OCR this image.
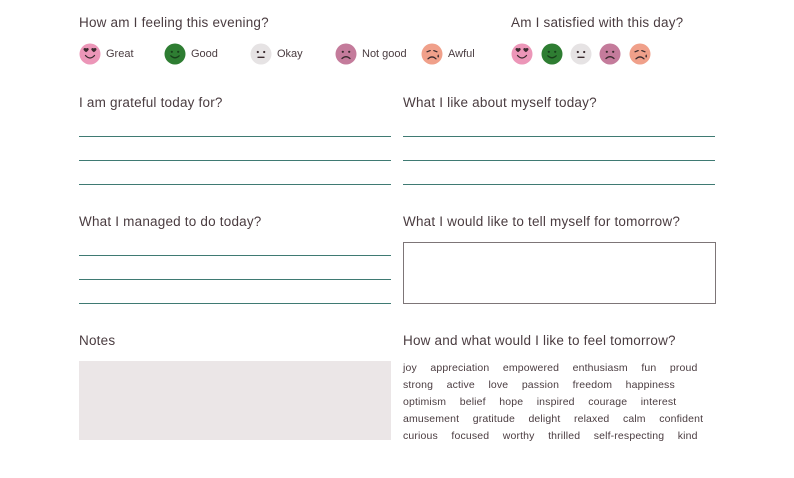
How am I feeling this evening?
Great	Good	Okay	Not good	Awful
Am I satisfied with this day?
I am grateful today for?	What I like about myself today?
What I managed to do today?	What I would like to tell myself for tomorrow?
Notes	How and what would I like to feel tomorrow?
joy appreciation empowered enthusiasm fun proud
strong active love passion freedom happiness
optimism belief hope inspired courage interest
amusement gratitude delight relaxed calm confident
curious focused worthy thrilled self-respecting kind
